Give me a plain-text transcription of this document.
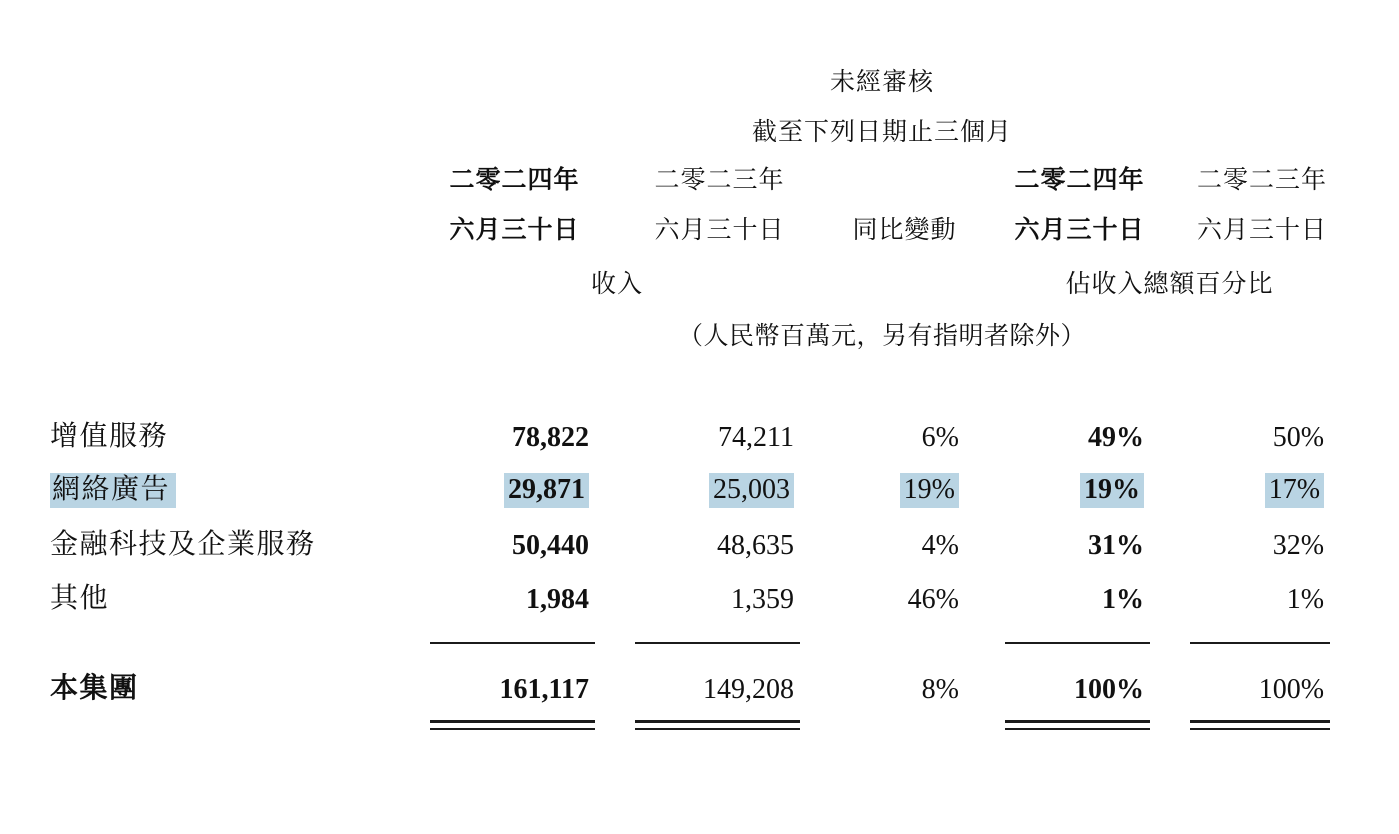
	未經審核				
	截至下列日期止三個月				
	二零二四年	二零二三年		二零二四年	二零二三年
	六月三十日	六月三十日	同比變動	六月三十日	六月三十日
	收入			佔收入總額百分比	
	（人民幣百萬元，另有指明者除外）				

增值服務	78,822	74,211	6%	49%	50%
網絡廣告	29,871	25,003	19%	19%	17%
金融科技及企業服務	50,440	48,635	4%	31%	32%
其他	1,984	1,359	46%	1%	1%

本集團	161,117	149,208	8%	100%	100%
